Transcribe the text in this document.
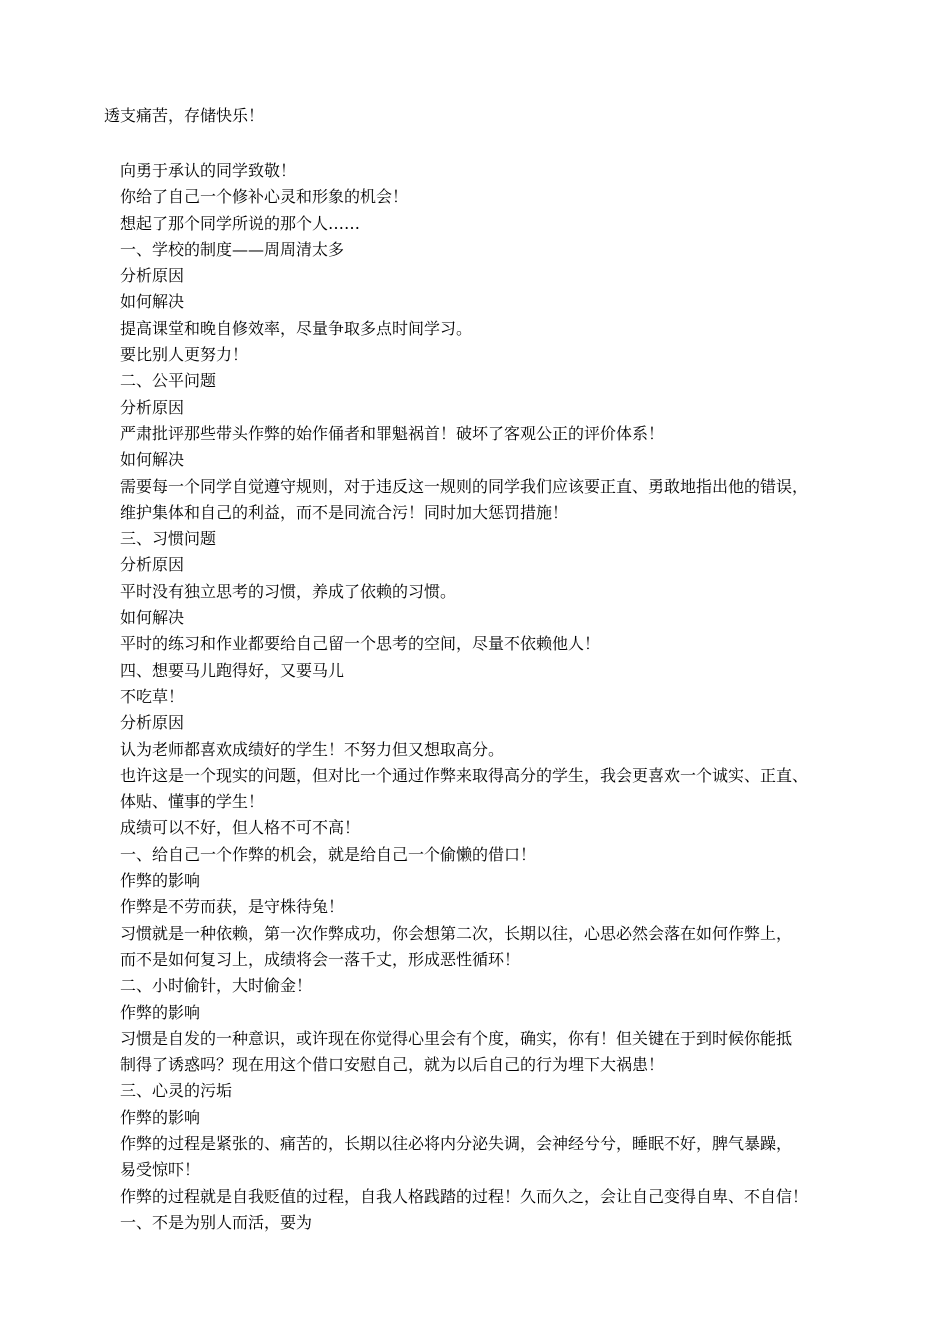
透支痛苦，存储快乐！
向勇于承认的同学致敬！
你给了自己一个修补心灵和形象的机会！
想起了那个同学所说的那个人……
一、学校的制度——周周清太多
分析原因
如何解决
提高课堂和晚自修效率，尽量争取多点时间学习。
要比别人更努力！
二、公平问题
分析原因
严肃批评那些带头作弊的始作俑者和罪魁祸首！破坏了客观公正的评价体系！
如何解决
需要每一个同学自觉遵守规则，对于违反这一规则的同学我们应该要正直、勇敢地指出他的错误，
维护集体和自己的利益，而不是同流合污！同时加大惩罚措施！
三、习惯问题
分析原因
平时没有独立思考的习惯，养成了依赖的习惯。
如何解决
平时的练习和作业都要给自己留一个思考的空间，尽量不依赖他人！
四、想要马儿跑得好，又要马儿
不吃草！
分析原因
认为老师都喜欢成绩好的学生！不努力但又想取高分。
也许这是一个现实的问题，但对比一个通过作弊来取得高分的学生，我会更喜欢一个诚实、正直、
体贴、懂事的学生！
成绩可以不好，但人格不可不高！
一、给自己一个作弊的机会，就是给自己一个偷懒的借口！
作弊的影响
作弊是不劳而获，是守株待兔！
习惯就是一种依赖，第一次作弊成功，你会想第二次，长期以往，心思必然会落在如何作弊上，
而不是如何复习上，成绩将会一落千丈，形成恶性循环！
二、小时偷针，大时偷金！
作弊的影响
习惯是自发的一种意识，或许现在你觉得心里会有个度，确实，你有！但关键在于到时候你能抵
制得了诱惑吗？现在用这个借口安慰自己，就为以后自己的行为埋下大祸患！
三、心灵的污垢
作弊的影响
作弊的过程是紧张的、痛苦的，长期以往必将内分泌失调，会神经兮兮，睡眠不好，脾气暴躁，
易受惊吓！
作弊的过程就是自我贬值的过程，自我人格践踏的过程！久而久之，会让自己变得自卑、不自信！
一、不是为别人而活，要为
